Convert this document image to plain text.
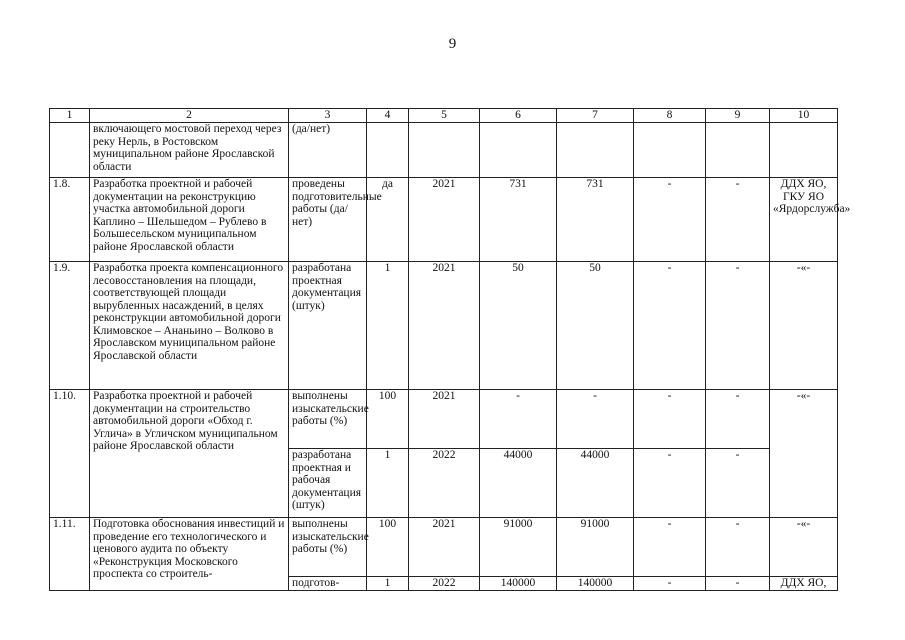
9
1	2	3	4	5	6	7	8	9	10
	включающего мостовой переход через реку Нерль, в Ростовском муниципальном районе Ярославской области	(да/нет)							
1.8.	Разработка проектной и рабочей документации на реконструкцию участка автомобильной дороги Каплино – Шельшедом – Рублево в Большесельском муниципальном районе Ярославской области	проведены подготовительные работы (да/нет)	да	2021	731	731	-	-	ДДХ ЯО, ГКУ ЯО «Ярдорслужба»
1.9.	Разработка проекта компенсационного лесовосстановления на площади, соответствующей площади вырубленных насаждений, в целях реконструкции автомобильной дороги Климовское – Ананьино – Волково в Ярославском муниципальном районе Ярославской области	разработана проектная документация (штук)	1	2021	50	50	-	-	-«-
1.10.	Разработка проектной и рабочей документации на строительство автомобильной дороги «Обход г. Углича» в Угличском муниципальном районе Ярославской области	выполнены изыскательские работы (%)	100	2021	-	-	-	-	-«-
		разработана проектная и рабочая документация (штук)	1	2022	44000	44000	-	-	
1.11.	Подготовка обоснования инвестиций и проведение его технологического и ценового аудита по объекту «Реконструкция Московского проспекта со строитель-	выполнены изыскательские работы (%)	100	2021	91000	91000	-	-	-«-
		подготов-	1	2022	140000	140000	-	-	ДДХ ЯО,
